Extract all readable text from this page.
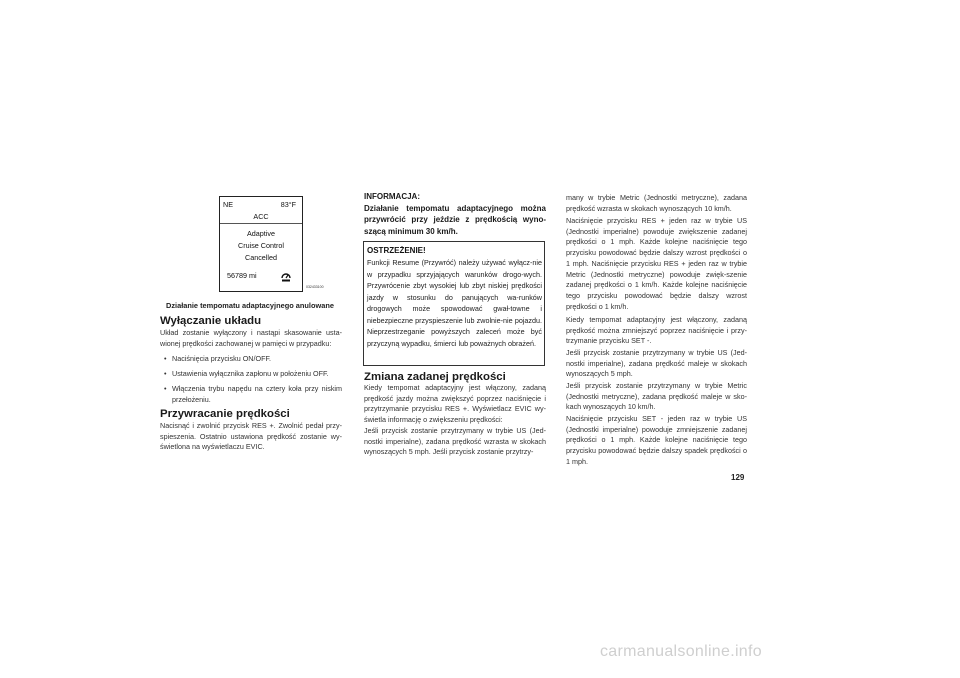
NE	83°F
ACC
Adaptive
Cruise Control
Cancelled
56789 mi
032433100
Działanie tempomatu adaptacyjnego anulowane
Wyłączanie układu

Układ zostanie wyłączony i nastąpi skasowanie usta-wionej prędkości zachowanej w pamięci w przypadku:

• Naciśnięcia przycisku ON/OFF.
• Ustawienia wyłącznika zapłonu w położeniu OFF.
• Włączenia trybu napędu na cztery koła przy niskim przełożeniu.
Przywracanie prędkości

Nacisnąć i zwolnić przycisk RES +. Zwolnić pedał przy-spieszenia. Ostatnio ustawiona prędkość zostanie wy-świetlona na wyświetlaczu EVIC.

INFORMACJA:
Działanie tempomatu adaptacyjnego można przywrócić przy jeździe z prędkością wyno-szącą minimum 30 km/h.
OSTRZEŻENIE!
Funkcji Resume (Przywróć) należy używać wyłącz-nie w przypadku sprzyjających warunków drogo-wych. Przywrócenie zbyt wysokiej lub zbyt niskiej prędkości jazdy w stosunku do panujących wa-runków drogowych może spowodować gwał-towne i niebezpieczne przyspieszenie lub zwolnie-nie pojazdu. Nieprzestrzeganie powyższych zaleceń może być przyczyną wypadku, śmierci lub poważnych obrażeń.
Zmiana zadanej prędkości

Kiedy tempomat adaptacyjny jest włączony, zadaną prędkość jazdy można zwiększyć poprzez naciśnięcie i przytrzymanie przycisku RES +. Wyświetlacz EVIC wy-świetla informację o zwiększeniu prędkości:

Jeśli przycisk zostanie przytrzymany w trybie US (Jed-nostki imperialne), zadana prędkość wzrasta w skokach wynoszących 5 mph. Jeśli przycisk zostanie przytrzy-

many w trybie Metric (Jednostki metryczne), zadana prędkość wzrasta w skokach wynoszących 10 km/h.

Naciśnięcie przycisku RES + jeden raz w trybie US (Jednostki imperialne) powoduje zwiększenie zadanej prędkości o 1 mph. Każde kolejne naciśnięcie tego przycisku powodować będzie dalszy wzrost prędkości o 1 mph. Naciśnięcie przycisku RES + jeden raz w trybie Metric (Jednostki metryczne) powoduje zwięk-szenie zadanej prędkości o 1 km/h. Każde kolejne naciśnięcie tego przycisku powodować będzie dalszy wzrost prędkości o 1 km/h.

Kiedy tempomat adaptacyjny jest włączony, zadaną prędkość można zmniejszyć poprzez naciśnięcie i przy-trzymanie przycisku SET -.

Jeśli przycisk zostanie przytrzymany w trybie US (Jed-nostki imperialne), zadana prędkość maleje w skokach wynoszących 5 mph.

Jeśli przycisk zostanie przytrzymany w trybie Metric (Jednostki metryczne), zadana prędkość maleje w sko-kach wynoszących 10 km/h.

Naciśnięcie przycisku SET - jeden raz w trybie US (Jednostki imperialne) powoduje zmniejszenie zadanej prędkości o 1 mph. Każde kolejne naciśnięcie tego przycisku powodować będzie dalszy spadek prędkości o 1 mph.

129
carmanualsonline.info
